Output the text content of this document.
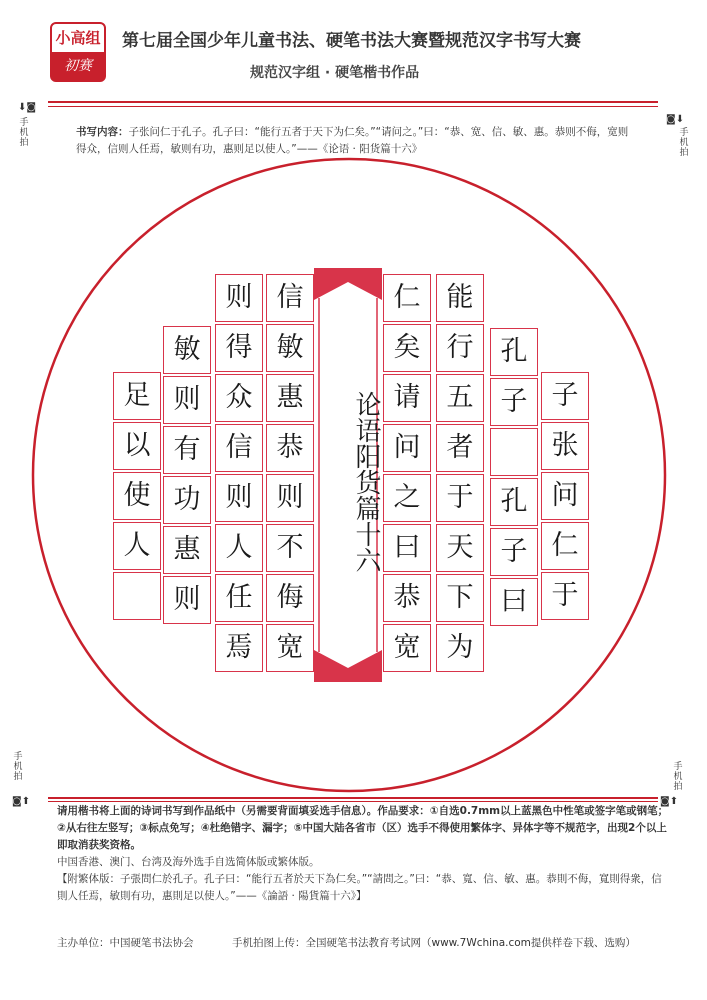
小高组
初赛
第七届全国少年儿童书法、硬笔书法大赛暨规范汉字书写大赛
规范汉字组 · 硬笔楷书作品
⬇◙
手机拍
◙⬇
手机拍
书写内容：子张问仁于孔子。孔子曰：“能行五者于天下为仁矣。”“请问之。”曰：“恭、宽、信、敏、惠。恭则不侮，宽则得众，信则人任焉，敏则有功，惠则足以使人。”——《论语 · 阳货篇十六》
子
张
问
仁
于
孔
子
孔
子
曰
能
行
五
者
于
天
下
为
仁
矣
请
问
之
曰
恭
宽
信
敏
惠
恭
则
不
侮
宽
则
得
众
信
则
人
任
焉
敏
则
有
功
惠
则
足
以
使
人	论语阳货篇十六
手机拍
◙⬆
手机拍
◙⬆
请用楷书将上面的诗词书写到作品纸中（另需要背面填妥选手信息）。作品要求：①自选0.7mm以上蓝黑色中性笔或签字笔或钢笔；②从右往左竖写；③标点免写；④杜绝错字、漏字；⑤中国大陆各省市（区）选手不得使用繁体字、异体字等不规范字，出现2个以上即取消获奖资格。
中国香港、澳门、台湾及海外选手自选简体版或繁体版。
【附繁体版：子張問仁於孔子。孔子曰：“能行五者於天下為仁矣。”“請問之。”曰：“恭、寬、信、敏、惠。恭則不侮，寬則得衆，信則人任焉，敏則有功，惠則足以使人。”——《論語 · 陽貨篇十六》】
主办单位：中国硬笔书法协会	手机拍图上传：全国硬笔书法教育考试网（www.7Wchina.com提供样卷下载、选购）
